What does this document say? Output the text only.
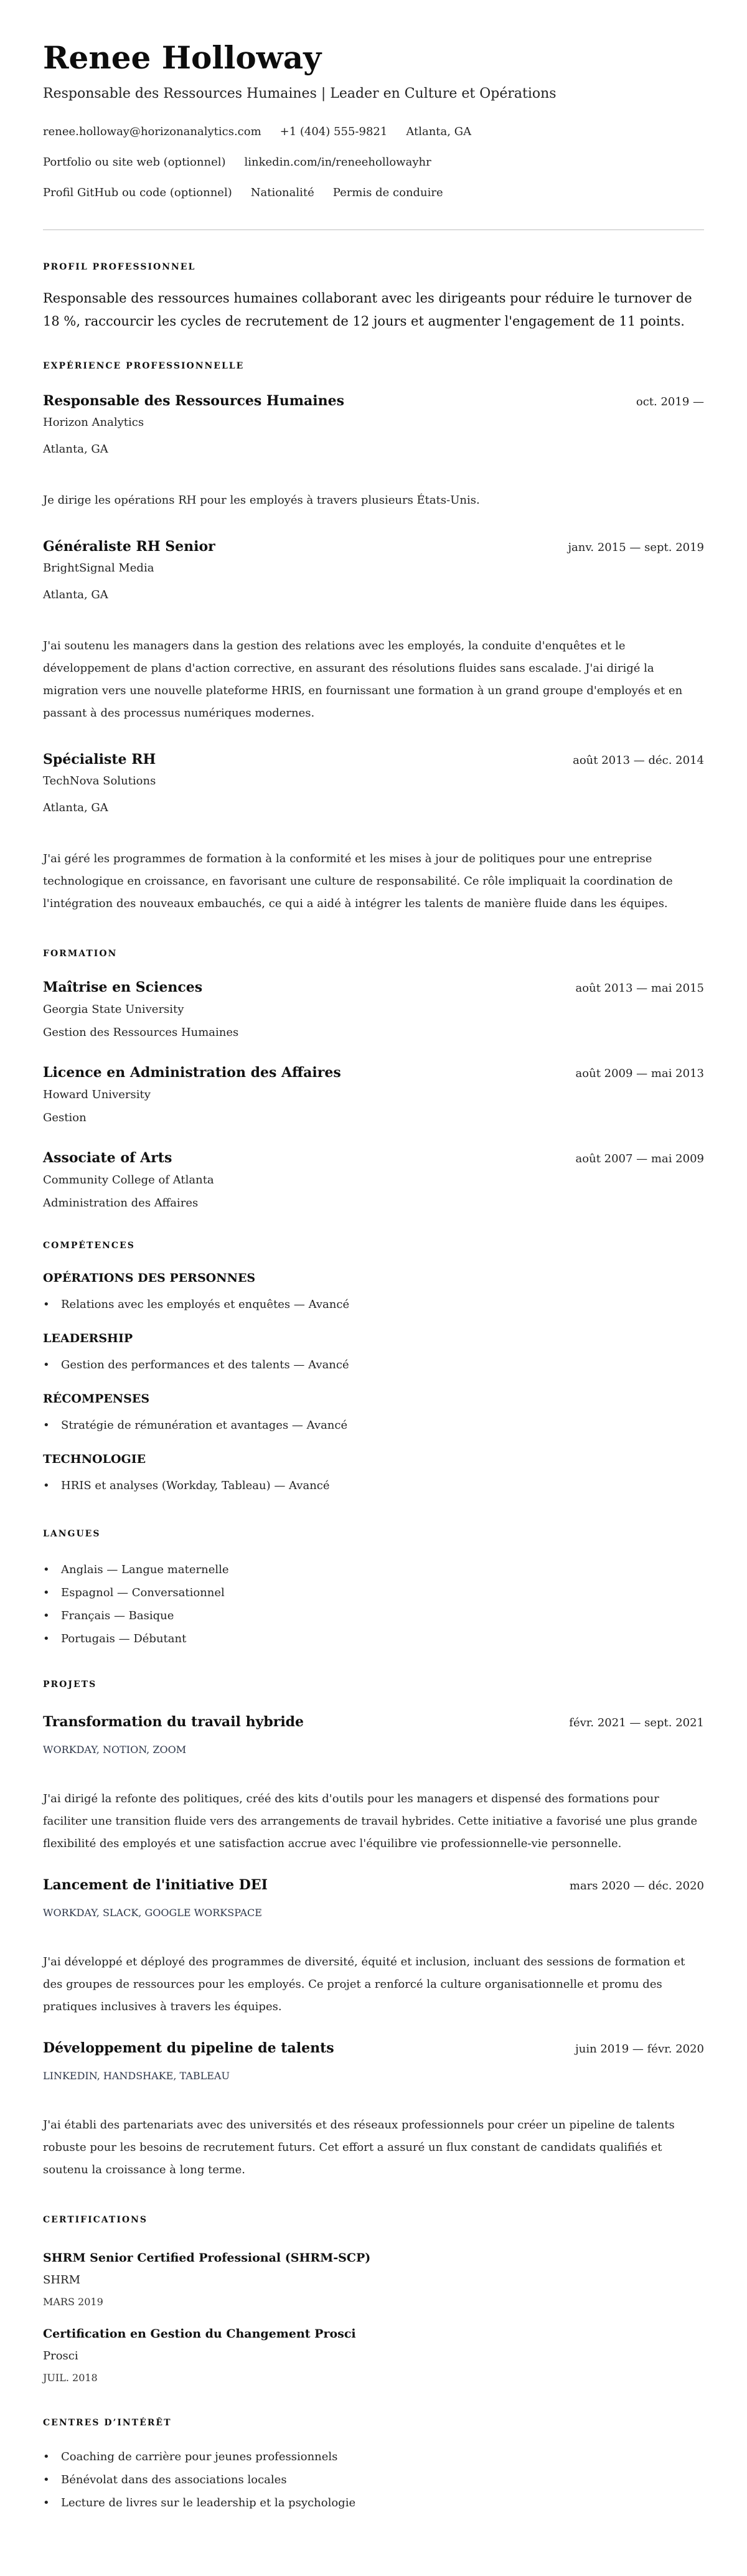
Renee Holloway
Responsable des Ressources Humaines | Leader en Culture et Opérations
renee.holloway@horizonanalytics.com +1 (404) 555-9821 Atlanta, GA
Portfolio ou site web (optionnel) linkedin.com/in/reneehollowayhr
Profil GitHub ou code (optionnel) Nationalité Permis de conduire
PROFIL PROFESSIONNEL
Responsable des ressources humaines collaborant avec les dirigeants pour réduire le turnover de 18 %, raccourcir les cycles de recrutement de 12 jours et augmenter l'engagement de 11 points.
EXPÉRIENCE PROFESSIONNELLE
Responsable des Ressources Humaines	oct. 2019 —
Horizon Analytics
Atlanta, GA
Je dirige les opérations RH pour les employés à travers plusieurs États-Unis.
Généraliste RH Senior	janv. 2015 — sept. 2019
BrightSignal Media
Atlanta, GA
J'ai soutenu les managers dans la gestion des relations avec les employés, la conduite d'enquêtes et le développement de plans d'action corrective, en assurant des résolutions fluides sans escalade. J'ai dirigé la migration vers une nouvelle plateforme HRIS, en fournissant une formation à un grand groupe d'employés et en passant à des processus numériques modernes.
Spécialiste RH	août 2013 — déc. 2014
TechNova Solutions
Atlanta, GA
J'ai géré les programmes de formation à la conformité et les mises à jour de politiques pour une entreprise technologique en croissance, en favorisant une culture de responsabilité. Ce rôle impliquait la coordination de l'intégration des nouveaux embauchés, ce qui a aidé à intégrer les talents de manière fluide dans les équipes.
FORMATION
Maîtrise en Sciences	août 2013 — mai 2015
Georgia State University
Gestion des Ressources Humaines
Licence en Administration des Affaires	août 2009 — mai 2013
Howard University
Gestion
Associate of Arts	août 2007 — mai 2009
Community College of Atlanta
Administration des Affaires
COMPÉTENCES
OPÉRATIONS DES PERSONNES
• Relations avec les employés et enquêtes — Avancé
LEADERSHIP
• Gestion des performances et des talents — Avancé
RÉCOMPENSES
• Stratégie de rémunération et avantages — Avancé
TECHNOLOGIE
• HRIS et analyses (Workday, Tableau) — Avancé
LANGUES
• Anglais — Langue maternelle
• Espagnol — Conversationnel
• Français — Basique
• Portugais — Débutant
PROJETS
Transformation du travail hybride	févr. 2021 — sept. 2021
WORKDAY, NOTION, ZOOM
J'ai dirigé la refonte des politiques, créé des kits d'outils pour les managers et dispensé des formations pour faciliter une transition fluide vers des arrangements de travail hybrides. Cette initiative a favorisé une plus grande flexibilité des employés et une satisfaction accrue avec l'équilibre vie professionnelle-vie personnelle.
Lancement de l'initiative DEI	mars 2020 — déc. 2020
WORKDAY, SLACK, GOOGLE WORKSPACE
J'ai développé et déployé des programmes de diversité, équité et inclusion, incluant des sessions de formation et des groupes de ressources pour les employés. Ce projet a renforcé la culture organisationnelle et promu des pratiques inclusives à travers les équipes.
Développement du pipeline de talents	juin 2019 — févr. 2020
LINKEDIN, HANDSHAKE, TABLEAU
J'ai établi des partenariats avec des universités et des réseaux professionnels pour créer un pipeline de talents robuste pour les besoins de recrutement futurs. Cet effort a assuré un flux constant de candidats qualifiés et soutenu la croissance à long terme.
CERTIFICATIONS
SHRM Senior Certified Professional (SHRM-SCP)
SHRM
MARS 2019
Certification en Gestion du Changement Prosci
Prosci
JUIL. 2018
CENTRES D’INTÉRÊT
• Coaching de carrière pour jeunes professionnels
• Bénévolat dans des associations locales
• Lecture de livres sur le leadership et la psychologie
